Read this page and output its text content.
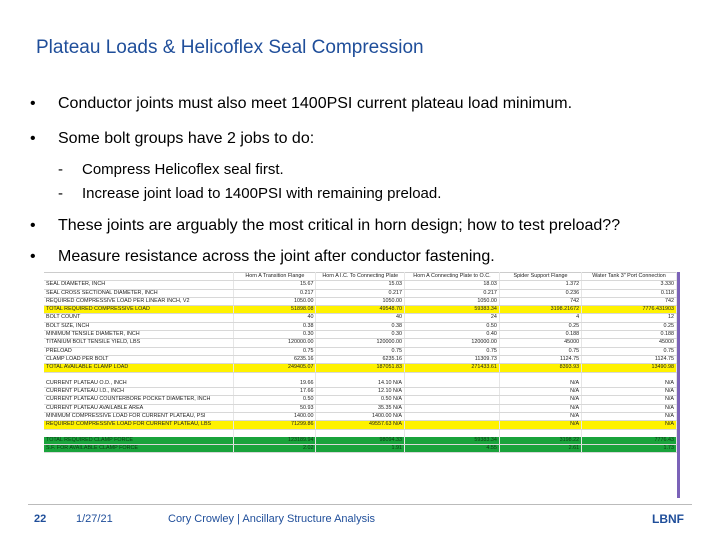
Plateau Loads & Helicoflex Seal Compression
• Conductor joints must also meet 1400PSI current plateau load minimum.
• Some bolt groups have 2 jobs to do:
- Compress Helicoflex seal first.
- Increase joint load to 1400PSI with remaining preload.
• These joints are arguably the most critical in horn design; how to test preload??
• Measure resistance across the joint after conductor fastening.
	Horn A Transition Flange	Horn A I.C. To Connecting Plate	Horn A Connecting Plate to O.C.	Spider Support Flange	Water Tank 3" Port Connection
SEAL DIAMETER, INCH	15.67	15.03	18.03	1.372	3.330
SEAL CROSS SECTIONAL DIAMETER, INCH	0.217	0.217	0.217	0.236	0.118
REQUIRED COMPRESSIVE LOAD PER LINEAR INCH, V2	1050.00	1050.00	1050.00	742	742
TOTAL REQUIRED COMPRESSIVE LOAD	51898.08	49548.70	59383.34	3198.21672	7776.431903
BOLT COUNT	40	40	24	4	12
BOLT SIZE, INCH	0.38	0.38	0.50	0.25	0.25
MINIMUM TENSILE DIAMETER, INCH	0.30	0.30	0.40	0.188	0.188
TITANIUM BOLT TENSILE YIELD, LBS	120000.00	120000.00	120000.00	45000	45000
PRELOAD	0.75	0.75	0.75	0.75	0.75
CLAMP LOAD PER BOLT	6235.16	6235.16	11309.73	1124.75	1124.75
TOTAL AVAILABLE CLAMP LOAD	249405.07	187051.83	271433.61	8393.93	13490.98

CURRENT PLATEAU O.D., INCH	19.66	14.10 N/A		N/A	N/A
CURRENT PLATEAU I.D., INCH	17.66	12.10 N/A		N/A	N/A
CURRENT PLATEAU COUNTERBORE POCKET DIAMETER, INCH	0.50	0.50 N/A		N/A	N/A
CURRENT PLATEAU AVAILABLE AREA	50.93	35.35 N/A		N/A	N/A
MINIMUM COMPRESSIVE LOAD FOR CURRENT PLATEAU, PSI	1400.00	1400.00 N/A		N/A	N/A
REQUIRED COMPRESSIVE LOAD FOR CURRENT PLATEAU, LBS	71299.86	49557.63 N/A		N/A	N/A

TOTAL REQUIRED CLAMP FORCE	123189.94	98094.33	59383.34	3198.22	7776.43
S.F. FOR AVAILABLE CLAMP FORCE	2.02	1.91	4.55	2.61	1.73
22	1/27/21	Cory Crowley | Ancillary Structure Analysis	LBNF
